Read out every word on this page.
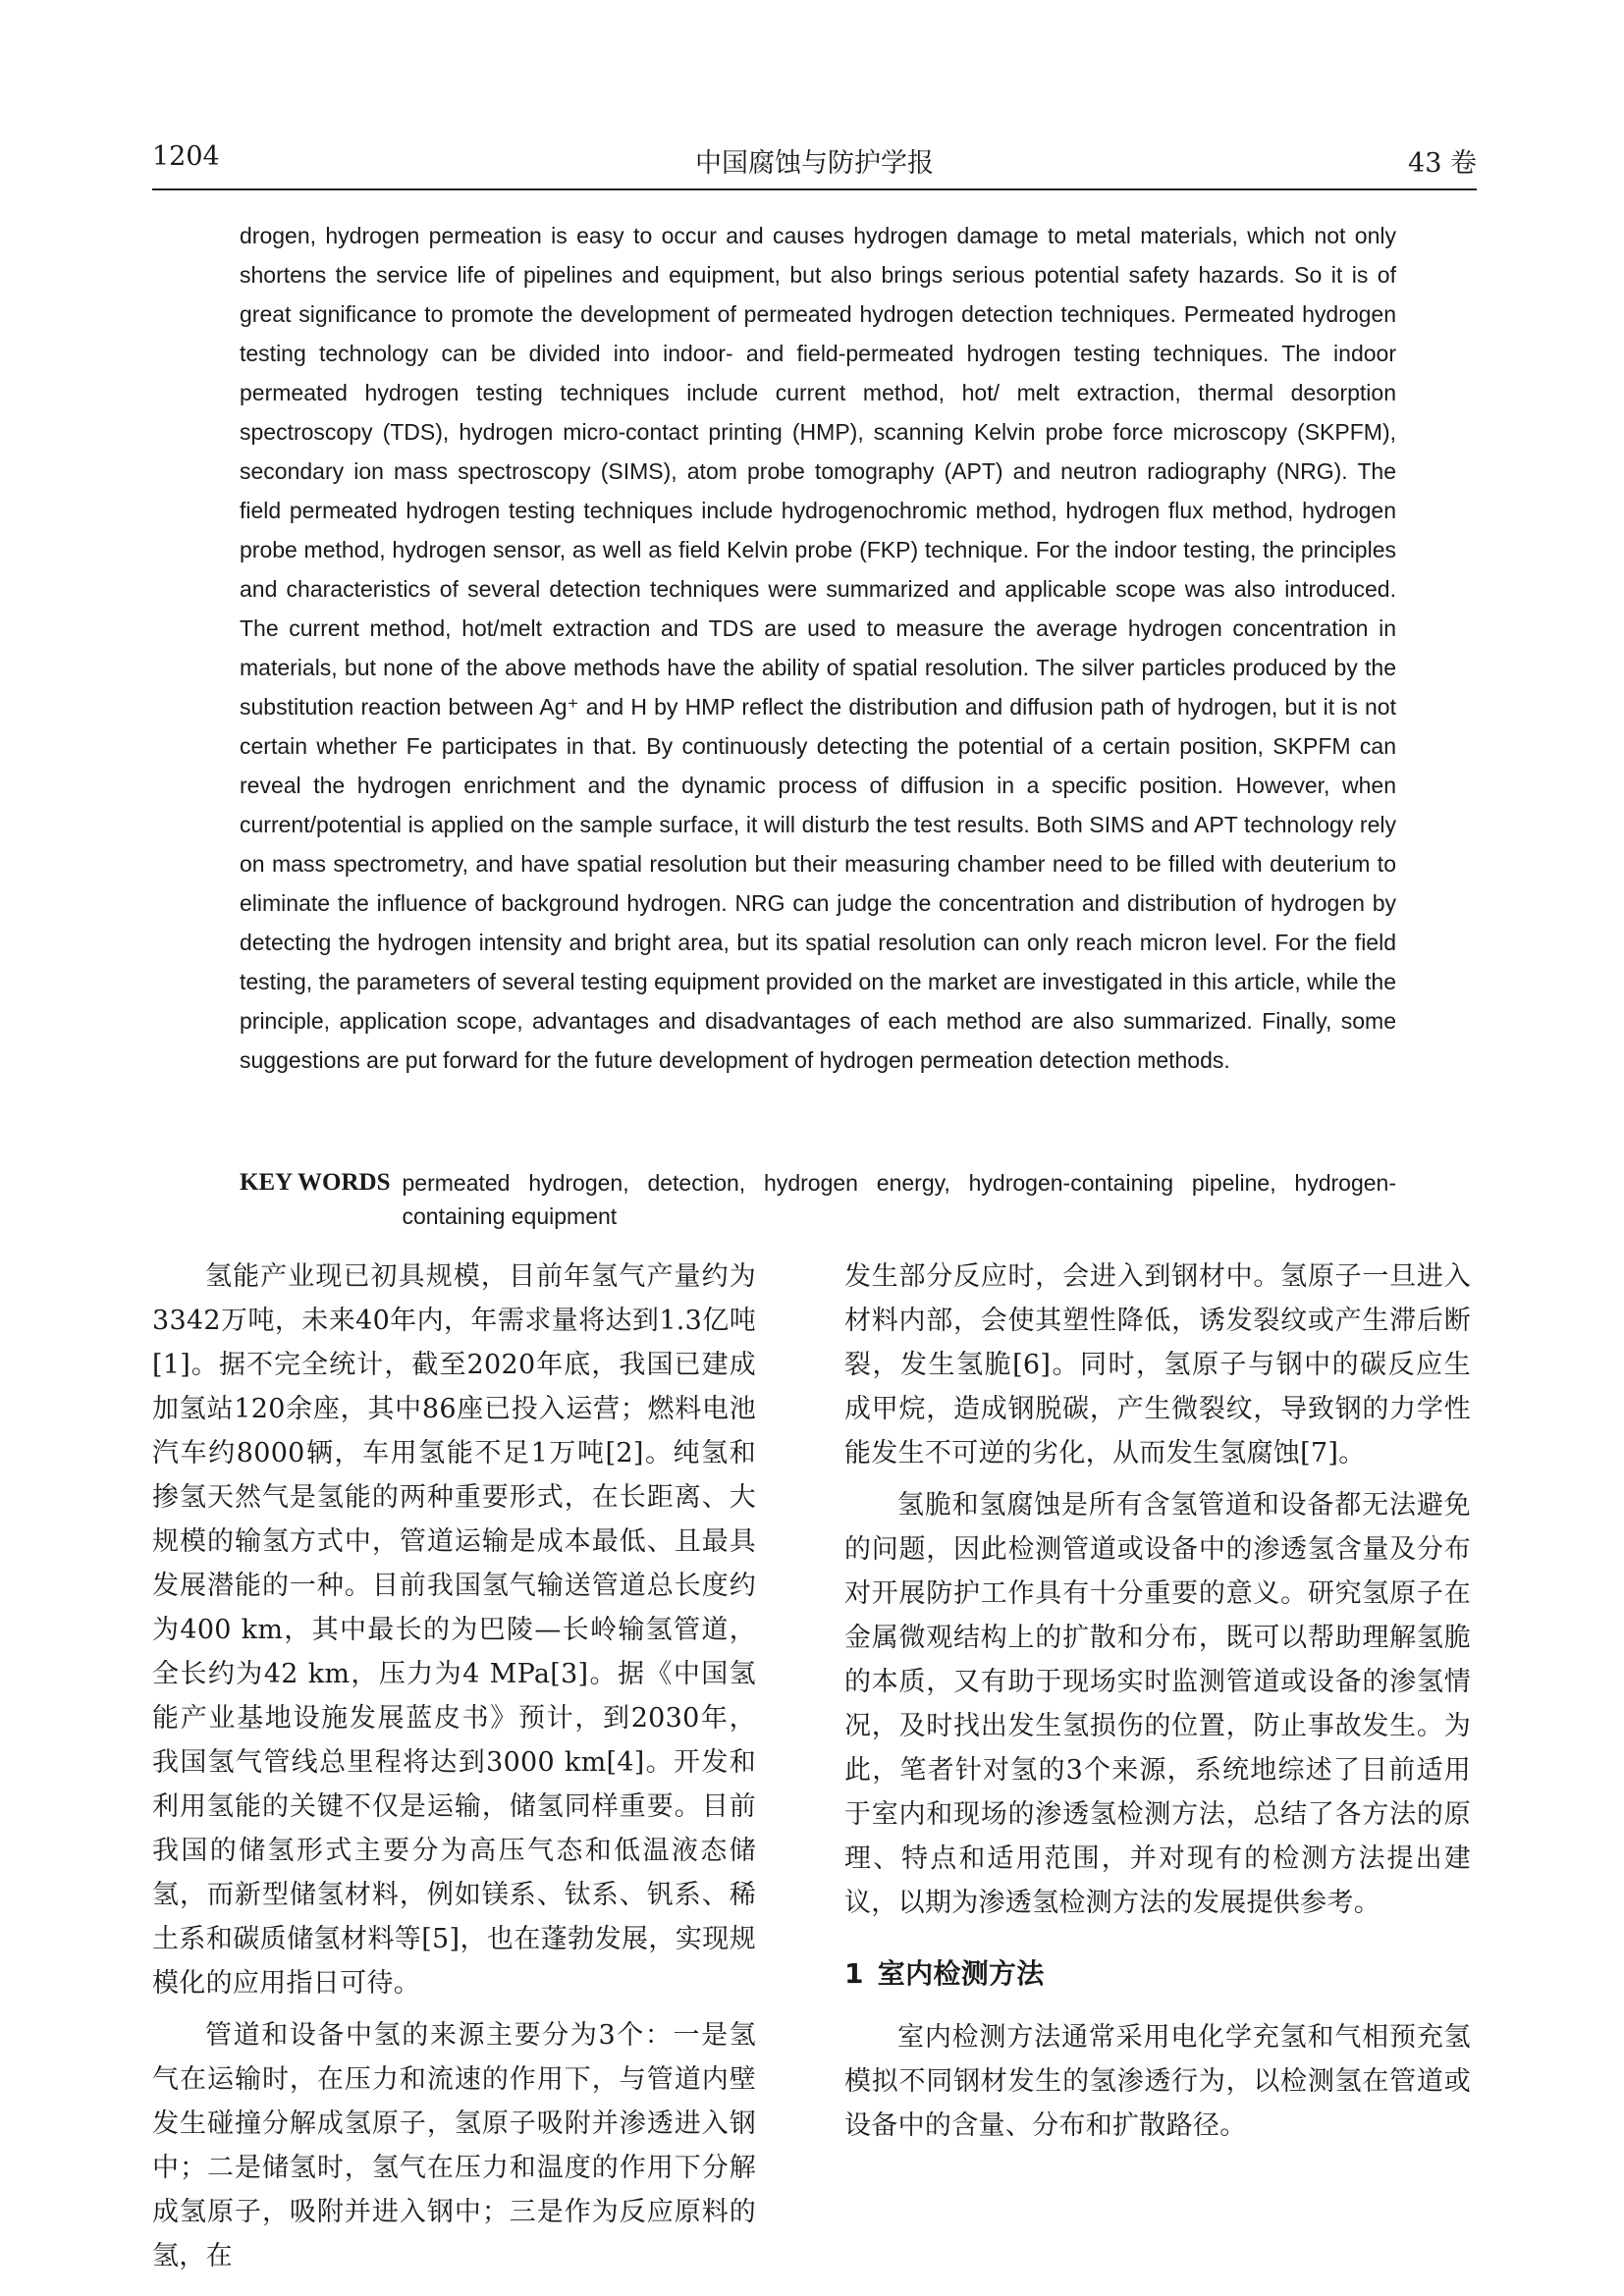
1204	中国腐蚀与防护学报	43 卷

drogen, hydrogen permeation is easy to occur and causes hydrogen damage to metal materials, which not only shortens the service life of pipelines and equipment, but also brings serious potential safety hazards. So it is of great significance to promote the development of permeated hydrogen detection techniques. Permeated hydrogen testing technology can be divided into indoor- and field-permeated hydrogen testing techniques. The indoor permeated hydrogen testing techniques include current method, hot/ melt extraction, thermal desorption spectroscopy (TDS), hydrogen micro-contact printing (HMP), scanning Kelvin probe force microscopy (SKPFM), secondary ion mass spectroscopy (SIMS), atom probe tomography (APT) and neutron radiography (NRG). The field permeated hydrogen testing techniques include hydrogenochromic method, hydrogen flux method, hydrogen probe method, hydrogen sensor, as well as field Kelvin probe (FKP) technique. For the indoor testing, the principles and characteristics of several detection techniques were summarized and applicable scope was also introduced. The current method, hot/melt extraction and TDS are used to measure the average hydrogen concentration in materials, but none of the above methods have the ability of spatial resolution. The silver particles produced by the substitution reaction between Ag⁺ and H by HMP reflect the distribution and diffusion path of hydrogen, but it is not certain whether Fe participates in that. By continuously detecting the potential of a certain position, SKPFM can reveal the hydrogen enrichment and the dynamic process of diffusion in a specific position. However, when current/potential is applied on the sample surface, it will disturb the test results. Both SIMS and APT technology rely on mass spectrometry, and have spatial resolution but their measuring chamber need to be filled with deuterium to eliminate the influence of background hydrogen. NRG can judge the concentration and distribution of hydrogen by detecting the hydrogen intensity and bright area, but its spatial resolution can only reach micron level. For the field testing, the parameters of several testing equipment provided on the market are investigated in this article, while the principle, application scope, advantages and disadvantages of each method are also summarized. Finally, some suggestions are put forward for the future development of hydrogen permeation detection methods.

KEY WORDS permeated hydrogen, detection, hydrogen energy, hydrogen-containing pipeline, hydrogen-containing equipment

氢能产业现已初具规模，目前年氢气产量约为3342万吨，未来40年内，年需求量将达到1.3亿吨[1]。据不完全统计，截至2020年底，我国已建成加氢站120余座，其中86座已投入运营；燃料电池汽车约8000辆，车用氢能不足1万吨[2]。纯氢和掺氢天然气是氢能的两种重要形式，在长距离、大规模的输氢方式中，管道运输是成本最低、且最具发展潜能的一种。目前我国氢气输送管道总长度约为400 km，其中最长的为巴陵—长岭输氢管道，全长约为42 km，压力为4 MPa[3]。据《中国氢能产业基地设施发展蓝皮书》预计，到2030年，我国氢气管线总里程将达到3000 km[4]。开发和利用氢能的关键不仅是运输，储氢同样重要。目前我国的储氢形式主要分为高压气态和低温液态储氢，而新型储氢材料，例如镁系、钛系、钒系、稀土系和碳质储氢材料等[5]，也在蓬勃发展，实现规模化的应用指日可待。

管道和设备中氢的来源主要分为3个：一是氢气在运输时，在压力和流速的作用下，与管道内壁发生碰撞分解成氢原子，氢原子吸附并渗透进入钢中；二是储氢时，氢气在压力和温度的作用下分解成氢原子，吸附并进入钢中；三是作为反应原料的氢，在

发生部分反应时，会进入到钢材中。氢原子一旦进入材料内部，会使其塑性降低，诱发裂纹或产生滞后断裂，发生氢脆[6]。同时，氢原子与钢中的碳反应生成甲烷，造成钢脱碳，产生微裂纹，导致钢的力学性能发生不可逆的劣化，从而发生氢腐蚀[7]。

氢脆和氢腐蚀是所有含氢管道和设备都无法避免的问题，因此检测管道或设备中的渗透氢含量及分布对开展防护工作具有十分重要的意义。研究氢原子在金属微观结构上的扩散和分布，既可以帮助理解氢脆的本质，又有助于现场实时监测管道或设备的渗氢情况，及时找出发生氢损伤的位置，防止事故发生。为此，笔者针对氢的3个来源，系统地综述了目前适用于室内和现场的渗透氢检测方法，总结了各方法的原理、特点和适用范围，并对现有的检测方法提出建议，以期为渗透氢检测方法的发展提供参考。

1 室内检测方法

室内检测方法通常采用电化学充氢和气相预充氢模拟不同钢材发生的氢渗透行为，以检测氢在管道或设备中的含量、分布和扩散路径。
